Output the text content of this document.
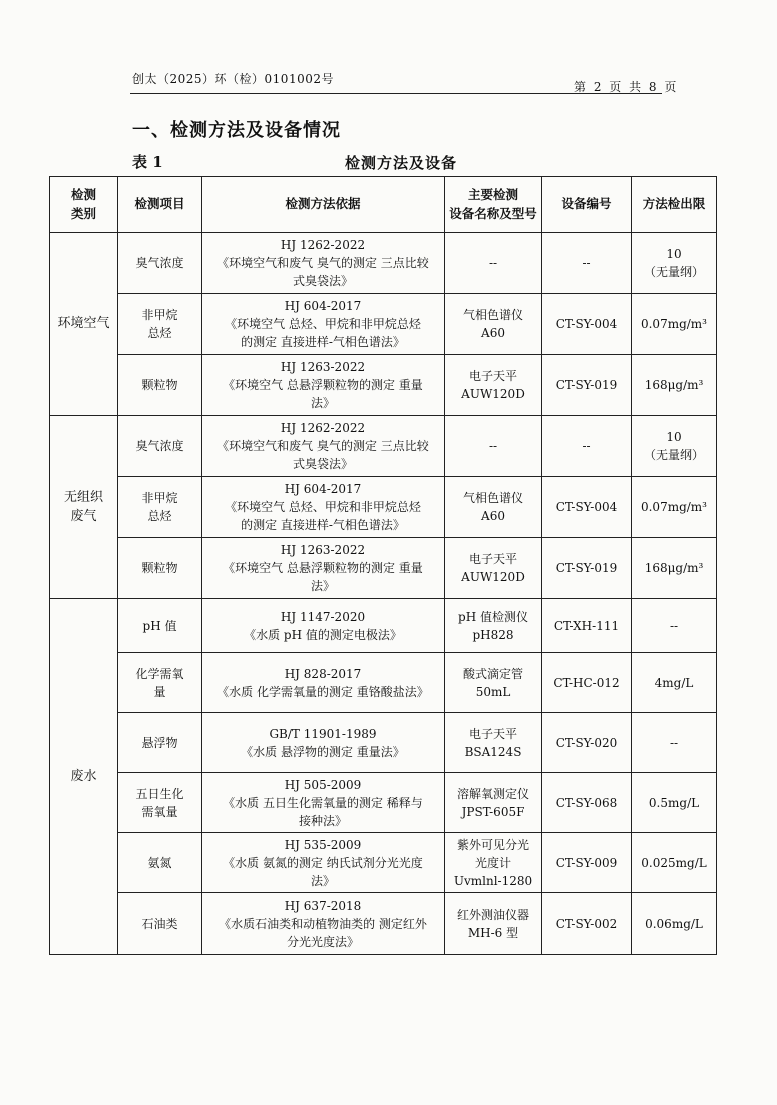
创太（2025）环（检）0101002号
第 2 页 共 8 页
一、检测方法及设备情况
表 1	检测方法及设备
检测
类别	检测项目	检测方法依据	主要检测
设备名称及型号	设备编号	方法检出限
环境空气	臭气浓度	HJ 1262-2022
《环境空气和废气 臭气的测定 三点比较
式臭袋法》	--	--	10
（无量纲）

	非甲烷
总烃	HJ 604-2017
《环境空气 总烃、甲烷和非甲烷总烃
的测定 直接进样-气相色谱法》	气相色谱仪
A60	CT-SY-004	0.07mg/m³

	颗粒物	HJ 1263-2022
《环境空气 总悬浮颗粒物的测定 重量
法》	电子天平
AUW120D	CT-SY-019	168μg/m³

无组织
废气	臭气浓度	HJ 1262-2022
《环境空气和废气 臭气的测定 三点比较
式臭袋法》	--	--	10
（无量纲）

	非甲烷
总烃	HJ 604-2017
《环境空气 总烃、甲烷和非甲烷总烃
的测定 直接进样-气相色谱法》	气相色谱仪
A60	CT-SY-004	0.07mg/m³

	颗粒物	HJ 1263-2022
《环境空气 总悬浮颗粒物的测定 重量
法》	电子天平
AUW120D	CT-SY-019	168μg/m³

废水	pH 值	HJ 1147-2020
《水质 pH 值的测定电极法》	pH 值检测仪
pH828	CT-XH-111	--

	化学需氧
量	HJ 828-2017
《水质 化学需氧量的测定 重铬酸盐法》	酸式滴定管
50mL	CT-HC-012	4mg/L

	悬浮物	GB/T 11901-1989
《水质 悬浮物的测定 重量法》	电子天平
BSA124S	CT-SY-020	--

	五日生化
需氧量	HJ 505-2009
《水质 五日生化需氧量的测定 稀释与
接种法》	溶解氧测定仪
JPST-605F	CT-SY-068	0.5mg/L

	氨氮	HJ 535-2009
《水质 氨氮的测定 纳氏试剂分光光度
法》	紫外可见分光
光度计
Uvmlnl-1280	CT-SY-009	0.025mg/L

	石油类	HJ 637-2018
《水质石油类和动植物油类的 测定红外
分光光度法》	红外测油仪器
MH-6 型	CT-SY-002	0.06mg/L
